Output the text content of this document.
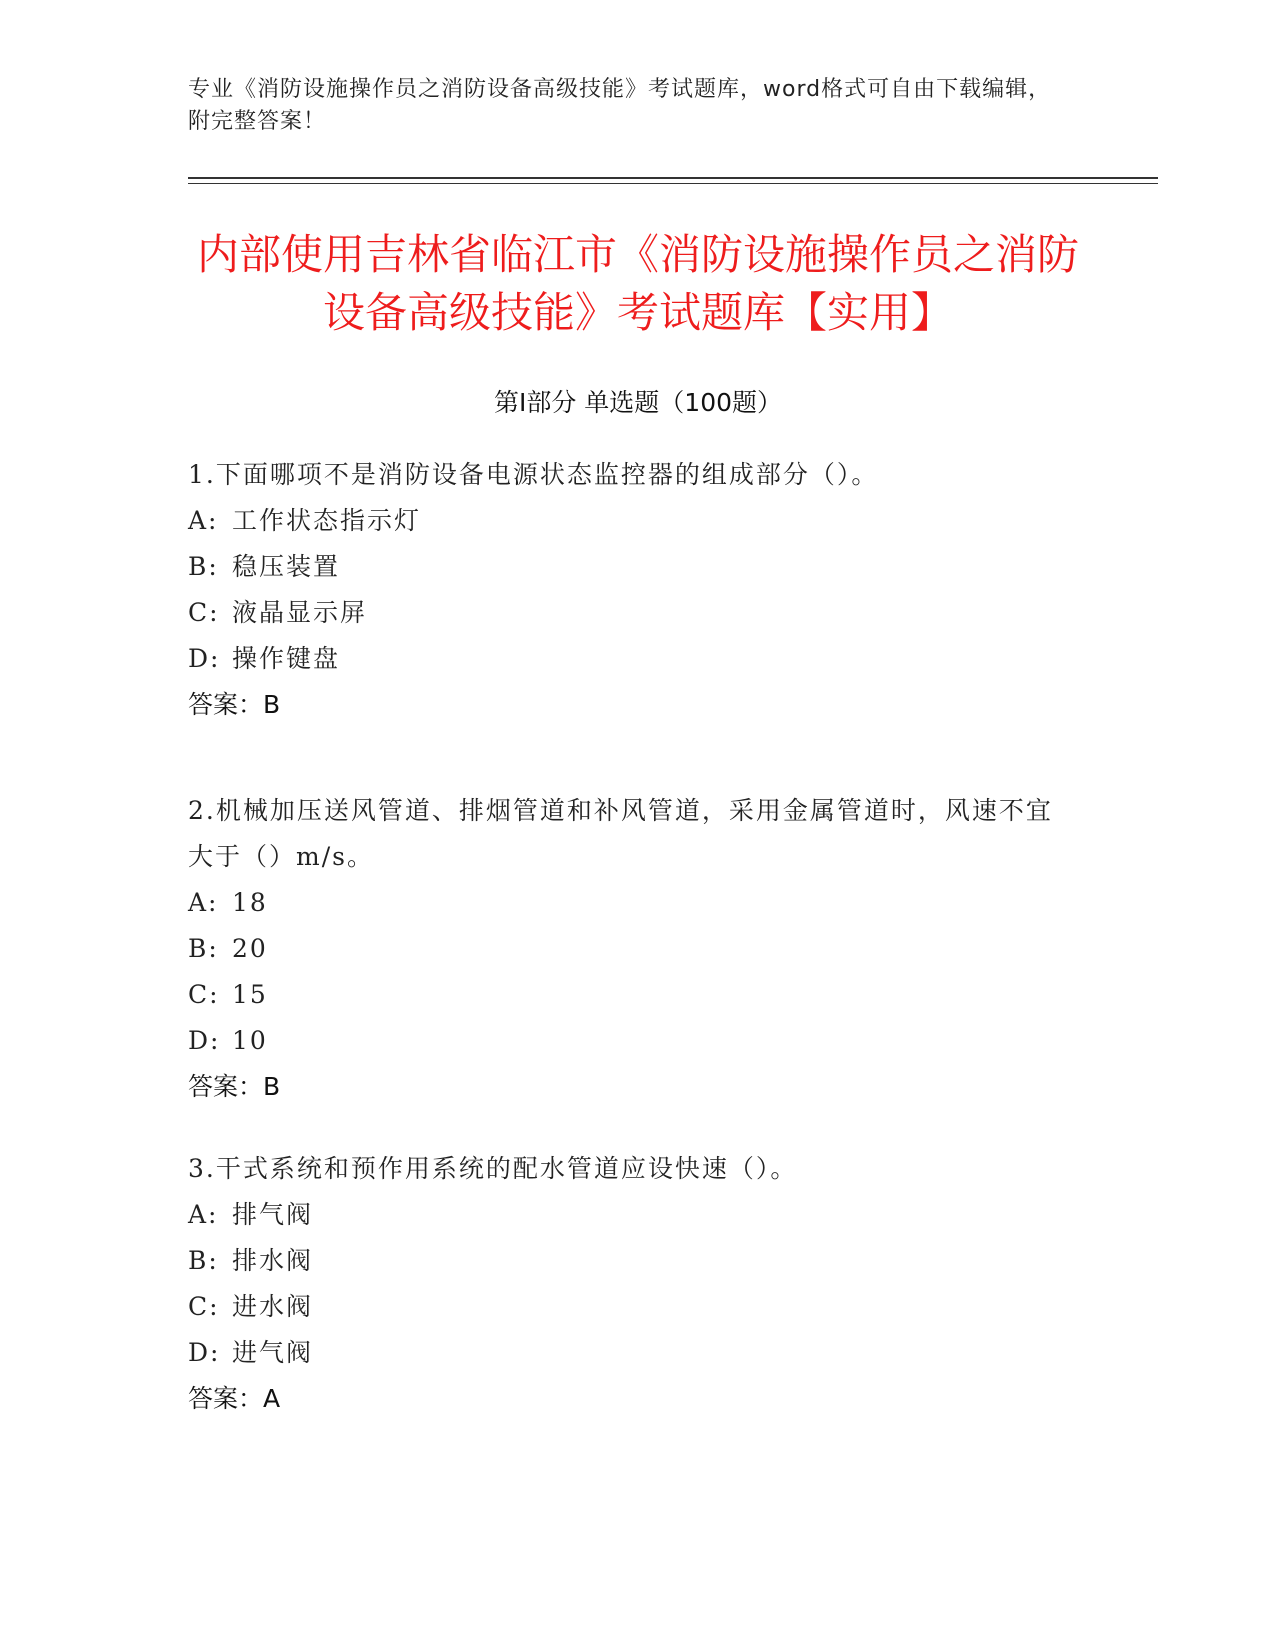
专业《消防设施操作员之消防设备高级技能》考试题库，word格式可自由下载编辑，附完整答案！
内部使用吉林省临江市《消防设施操作员之消防设备高级技能》考试题库【实用】
第I部分 单选题（100题）
1.下面哪项不是消防设备电源状态监控器的组成部分（）。
A: 工作状态指示灯
B: 稳压装置
C: 液晶显示屏
D: 操作键盘
答案：B
2.机械加压送风管道、排烟管道和补风管道，采用金属管道时，风速不宜大于（）m/s。
A: 18
B: 20
C: 15
D: 10
答案：B
3.干式系统和预作用系统的配水管道应设快速（）。
A: 排气阀
B: 排水阀
C: 进水阀
D: 进气阀
答案：A
